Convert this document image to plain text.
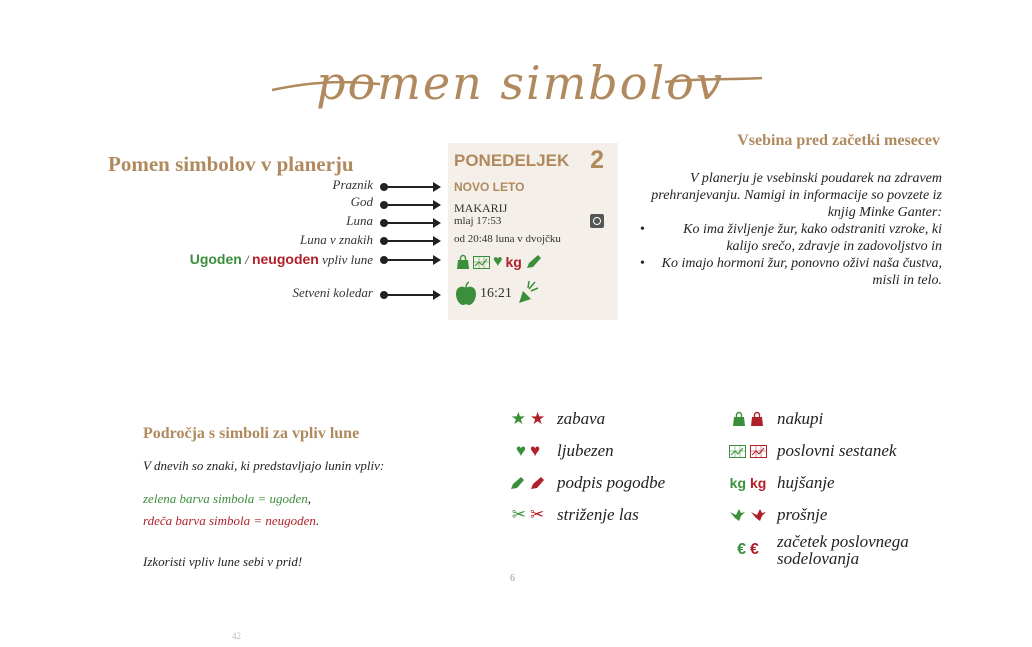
pomen simbolov
Pomen simbolov v planerju
Praznik
God
Luna
Luna v znakih
Ugoden / neugoden vpliv lune
Setveni koledar
PONEDELJEK 2
NOVO LETO
MAKARIJ
mlaj 17:53
od 20:48 luna v dvojčku
♥ kg
16:21
Vsebina pred začetki mesecev
V planerju je vsebinski poudarek na zdravem prehranjevanju. Namigi in informacije so povzete iz knjig Minke Ganter:
• Ko ima življenje žur, kako odstraniti vzroke, ki kalijo srečo, zdravje in zadovoljstvo in
• Ko imajo hormoni žur, ponovno oživi naša čustva, misli in telo.
Področja s simboli za vpliv lune
V dnevih so znaki, ki predstavljajo lunin vpliv:
zelena barva simbola = ugoden,
rdeča barva simbola = neugoden.
Izkoristi vpliv lune sebi v prid!
★ ★ zabava
♥ ♥ ljubezen
podpis pogodbe
✂ ✂ striženje las
nakupi
poslovni sestanek
kg kg hujšanje
prošnje
€ € začetek poslovnega sodelovanja
6
42
